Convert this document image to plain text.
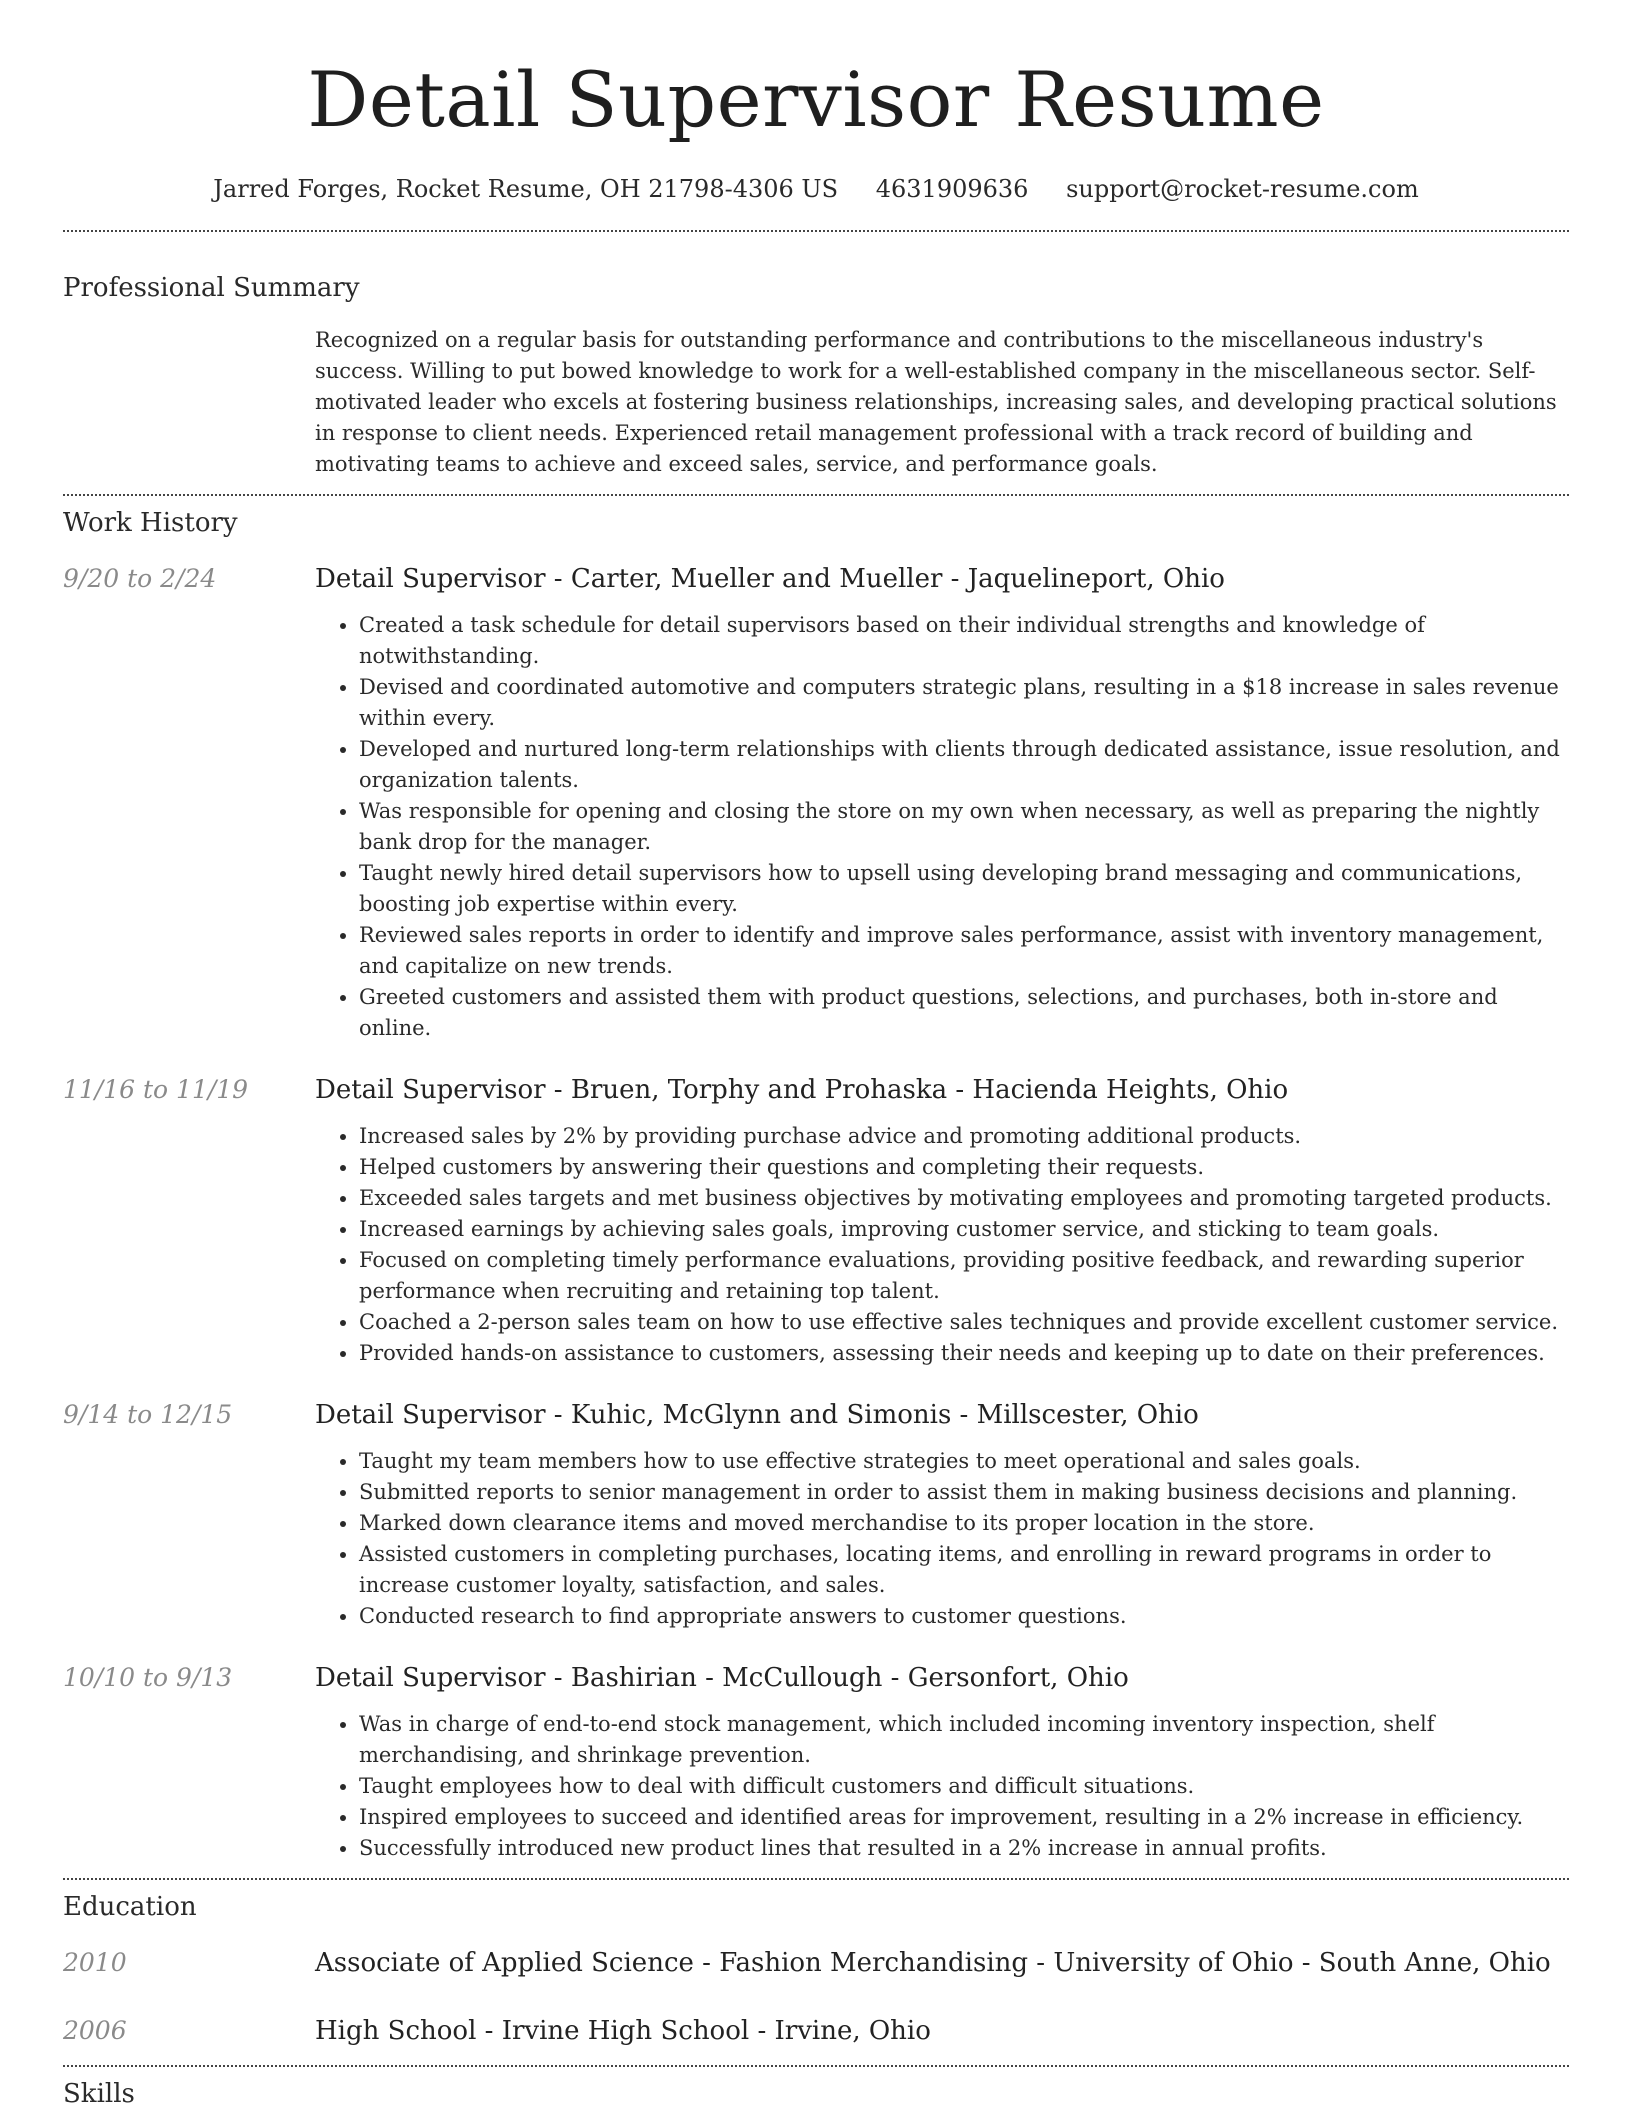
Detail Supervisor Resume
Jarred Forges, Rocket Resume, OH 21798-4306 US 4631909636 support@rocket-resume.com
Professional Summary

Recognized on a regular basis for outstanding performance and contributions to the miscellaneous industry's success. Willing to put bowed knowledge to work for a well-established company in the miscellaneous sector. Self-motivated leader who excels at fostering business relationships, increasing sales, and developing practical solutions in response to client needs. Experienced retail management professional with a track record of building and motivating teams to achieve and exceed sales, service, and performance goals.

Work History
9/20 to 2/24	Detail Supervisor - Carter, Mueller and Mueller - Jaquelineport, Ohio
• Created a task schedule for detail supervisors based on their individual strengths and knowledge of notwithstanding.
• Devised and coordinated automotive and computers strategic plans, resulting in a $18 increase in sales revenue within every.
• Developed and nurtured long-term relationships with clients through dedicated assistance, issue resolution, and organization talents.
• Was responsible for opening and closing the store on my own when necessary, as well as preparing the nightly bank drop for the manager.
• Taught newly hired detail supervisors how to upsell using developing brand messaging and communications, boosting job expertise within every.
• Reviewed sales reports in order to identify and improve sales performance, assist with inventory management, and capitalize on new trends.
• Greeted customers and assisted them with product questions, selections, and purchases, both in-store and online.
11/16 to 11/19	Detail Supervisor - Bruen, Torphy and Prohaska - Hacienda Heights, Ohio
• Increased sales by 2% by providing purchase advice and promoting additional products.
• Helped customers by answering their questions and completing their requests.
• Exceeded sales targets and met business objectives by motivating employees and promoting targeted products.
• Increased earnings by achieving sales goals, improving customer service, and sticking to team goals.
• Focused on completing timely performance evaluations, providing positive feedback, and rewarding superior performance when recruiting and retaining top talent.
• Coached a 2-person sales team on how to use effective sales techniques and provide excellent customer service.
• Provided hands-on assistance to customers, assessing their needs and keeping up to date on their preferences.
9/14 to 12/15	Detail Supervisor - Kuhic, McGlynn and Simonis - Millscester, Ohio
• Taught my team members how to use effective strategies to meet operational and sales goals.
• Submitted reports to senior management in order to assist them in making business decisions and planning.
• Marked down clearance items and moved merchandise to its proper location in the store.
• Assisted customers in completing purchases, locating items, and enrolling in reward programs in order to increase customer loyalty, satisfaction, and sales.
• Conducted research to find appropriate answers to customer questions.
10/10 to 9/13	Detail Supervisor - Bashirian - McCullough - Gersonfort, Ohio
• Was in charge of end-to-end stock management, which included incoming inventory inspection, shelf merchandising, and shrinkage prevention.
• Taught employees how to deal with difficult customers and difficult situations.
• Inspired employees to succeed and identified areas for improvement, resulting in a 2% increase in efficiency.
• Successfully introduced new product lines that resulted in a 2% increase in annual profits.
Education
2010	Associate of Applied Science - Fashion Merchandising - University of Ohio - South Anne, Ohio
2006	High School - Irvine High School - Irvine, Ohio
Skills
